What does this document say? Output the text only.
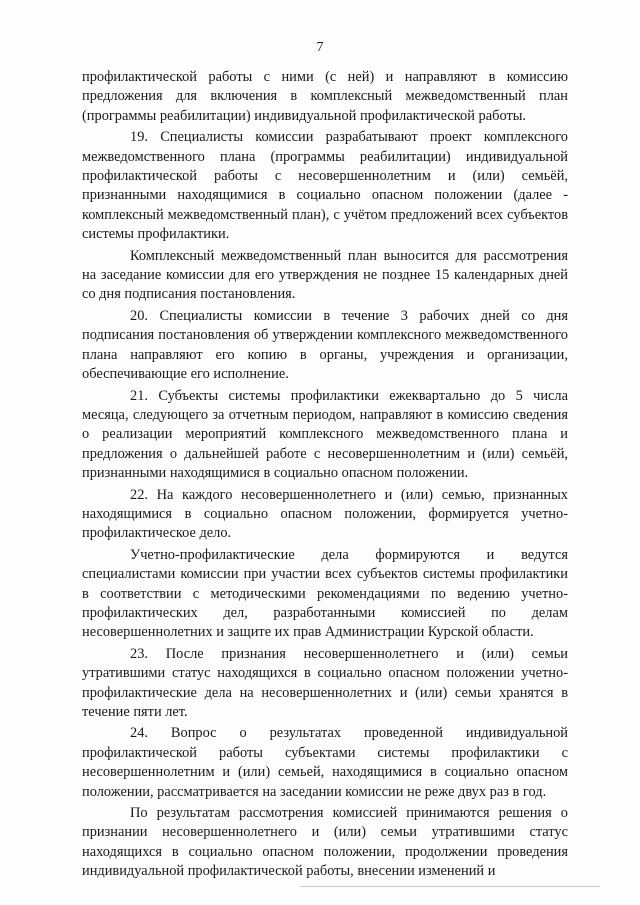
7

профилактической работы с ними (с ней) и направляют в комиссию предложения для включения в комплексный межведомственный план (программы реабилитации) индивидуальной профилактической работы.

19. Специалисты комиссии разрабатывают проект комплексного межведомственного плана (программы реабилитации) индивидуальной профилактической работы с несовершеннолетним и (или) семьёй, признанными находящимися в социально опасном положении (далее - комплексный межведомственный план), с учётом предложений всех субъектов системы профилактики.

Комплексный межведомственный план выносится для рассмотрения на заседание комиссии для его утверждения не позднее 15 календарных дней со дня подписания постановления.

20. Специалисты комиссии в течение 3 рабочих дней со дня подписания постановления об утверждении комплексного межведомственного плана направляют его копию в органы, учреждения и организации, обеспечивающие его исполнение.

21. Субъекты системы профилактики ежеквартально до 5 числа месяца, следующего за отчетным периодом, направляют в комиссию сведения о реализации мероприятий комплексного межведомственного плана и предложения о дальнейшей работе с несовершеннолетним и (или) семьёй, признанными находящимися в социально опасном положении.

22. На каждого несовершеннолетнего и (или) семью, признанных находящимися в социально опасном положении, формируется учетно-профилактическое дело.

Учетно-профилактические дела формируются и ведутся специалистами комиссии при участии всех субъектов системы профилактики в соответствии с методическими рекомендациями по ведению учетно-профилактических дел, разработанными комиссией по делам несовершеннолетних и защите их прав Администрации Курской области.

23. После признания несовершеннолетнего и (или) семьи утратившими статус находящихся в социально опасном положении учетно-профилактические дела на несовершеннолетних и (или) семьи хранятся в течение пяти лет.

24. Вопрос о результатах проведенной индивидуальной профилактической работы субъектами системы профилактики с несовершеннолетним и (или) семьей, находящимися в социально опасном положении, рассматривается на заседании комиссии не реже двух раз в год.

По результатам рассмотрения комиссией принимаются решения о признании несовершеннолетнего и (или) семьи утратившими статус находящихся в социально опасном положении, продолжении проведения индивидуальной профилактической работы, внесении изменений и
